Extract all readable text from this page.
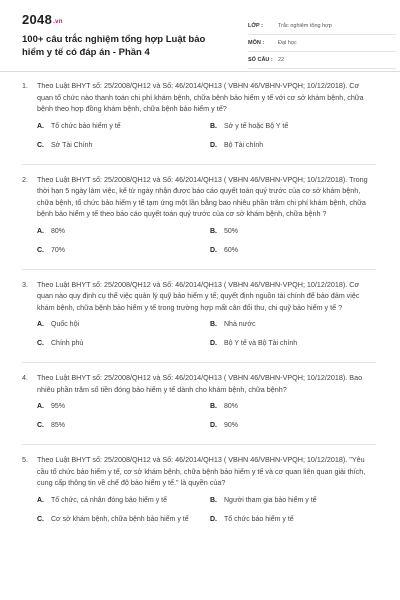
2048.vn
100+ câu trắc nghiệm tổng hợp Luật bảo hiểm y tế có đáp án - Phần 4
LỚP :	Trắc nghiệm tổng hợp
MÔN :	Đại học
SỐ CÂU : 22
1.	Theo Luật BHYT số: 25/2008/QH12 và Số: 46/2014/QH13 ( VBHN 46/VBHN-VPQH; 10/12/2018). Cơ quan tổ chức nào thanh toán chi phí khám bệnh, chữa bệnh bảo hiểm y tế với cơ sở khám bệnh, chữa bệnh theo hợp đồng khám bệnh, chữa bệnh bảo hiểm y tế?
A.	Tổ chức bảo hiểm y tế	B.	Sở y tế hoặc Bộ Y tế
C.	Sở Tài Chính	D.	Bộ Tài chính
2.	Theo Luật BHYT số: 25/2008/QH12 và Số: 46/2014/QH13 ( VBHN 46/VBHN-VPQH; 10/12/2018). Trong thời hạn 5 ngày làm việc, kể từ ngày nhận được báo cáo quyết toán quý trước của cơ sở khám bệnh, chữa bệnh, tổ chức bảo hiểm y tế tạm ứng một lần bằng bao nhiêu phần trăm chi phí khám bệnh, chữa bệnh bảo hiểm y tế theo báo cáo quyết toán quý trước của cơ sở khám bệnh, chữa bệnh ?
A.	80%	B.	50%
C.	70%	D.	60%
3.	Theo Luật BHYT số: 25/2008/QH12 và Số: 46/2014/QH13 ( VBHN 46/VBHN-VPQH; 10/12/2018). Cơ quan nào quy định cụ thể việc quản lý quỹ bảo hiểm y tế; quyết định nguồn tài chính để bảo đảm việc khám bệnh, chữa bệnh bảo hiểm y tế trong trường hợp mất cân đối thu, chi quỹ bảo hiểm y tế ?
A.	Quốc hội	B.	Nhà nước
C.	Chính phủ	D.	Bộ Y tế và Bộ Tài chính
4.	Theo Luật BHYT số: 25/2008/QH12 và Số: 46/2014/QH13 ( VBHN 46/VBHN-VPQH; 10/12/2018). Bao nhiêu phần trăm số tiền đóng bảo hiểm y tế dành cho khám bệnh, chữa bệnh?
A.	95%	B.	80%
C.	85%	D.	90%
5.	Theo Luật BHYT số: 25/2008/QH12 và Số: 46/2014/QH13 ( VBHN 46/VBHN-VPQH; 10/12/2018). "Yêu cầu tổ chức bảo hiểm y tế, cơ sở khám bệnh, chữa bệnh bảo hiểm y tế và cơ quan liên quan giải thích, cung cấp thông tin về chế độ bảo hiểm y tế." là quyền của?
A.	Tổ chức, cá nhân đóng bảo hiểm y tế	B.	Người tham gia bảo hiểm y tế
C.	Cơ sở khám bệnh, chữa bệnh bảo hiểm y tế	D.	Tổ chức bảo hiểm y tế
